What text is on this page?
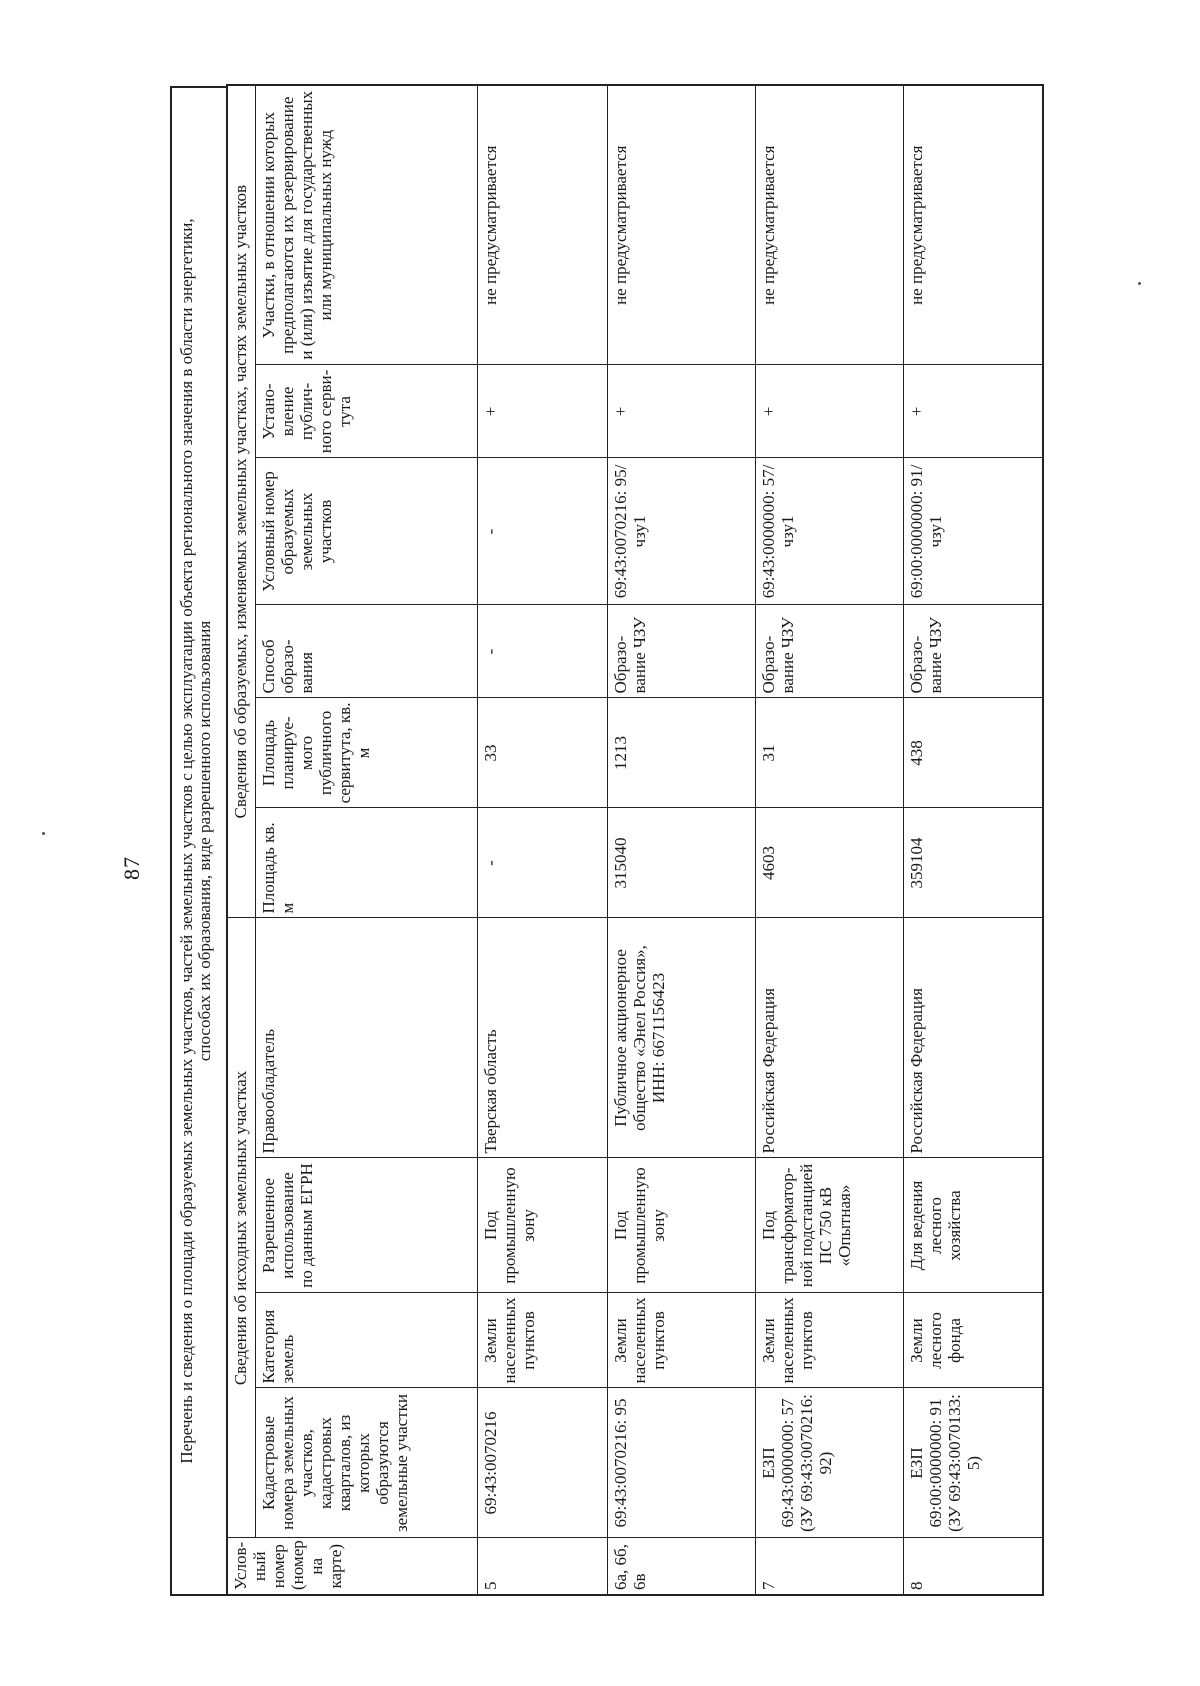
87 Перечень и сведения о площади образуемых земельных участков, частей земельных участков с целью эксплуатации объекта регионального значения в области энергетики, способах их образования, виде разрешенного использования
Услов-ный номер (номер на карте)	Сведения об исходных земельных участках				Сведения об образуемых, изменяемых земельных участках, частях земельных участков					
	Кадастровые номера земельных участков, кадастровых кварталов, из которых образуются земельные участки	Категория земель	Разрешенное использование по данным ЕГРН	Правообладатель	Площадь кв. м	Площадь планируе-мого публичного сервитута, кв. м	Способ образо-вания	Условный номер образуемых земельных участков	Устано-вление публич-ного серви-тута	Участки, в отношении которых предполагаются их резервирование и (или) изъятие для государственных или муниципальных нужд
5	69:43:0070216	Земли населенных пунктов	Под промышленную зону	Тверская область	-	33	-	-	+	не предусматривается
6а, 6б, 6в	69:43:0070216: 95	Земли населенных пунктов	Под промышленную зону	Публичное акционерное общество «Энел Россия», ИНН: 6671156423	315040	1213	Образо-вание ЧЗУ	69:43:0070216: 95/чзу1	+	не предусматривается
7	ЕЗП 69:43:0000000: 57 (ЗУ 69:43:0070216: 92)	Земли населенных пунктов	Под трансформатор-ной подстанцией ПС 750 кВ «Опытная»	Российская Федерация	4603	31	Образо-вание ЧЗУ	69:43:0000000: 57/чзу1	+	не предусматривается
8	ЕЗП 69:00:0000000: 91 (ЗУ 69:43:0070133: 5)	Земли лесного фонда	Для ведения лесного хозяйства	Российская Федерация	359104	438	Образо-вание ЧЗУ	69:00:0000000: 91/чзу1	+	не предусматривается
